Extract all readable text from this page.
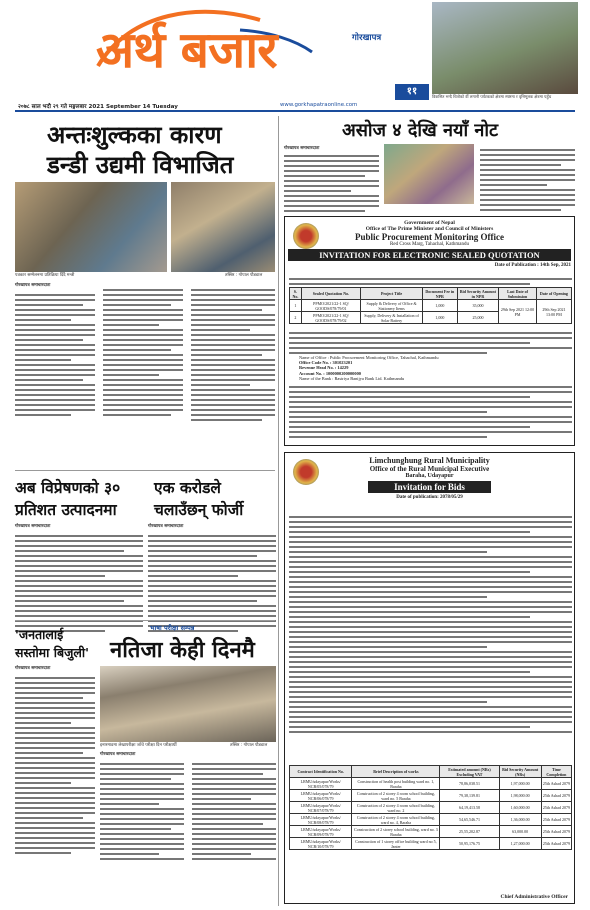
अर्थ बजार	गोरखापत्र
११
२०७८ साल भदौ २९ गते मङ्गलबार 2021 September 14 Tuesday	www.gorkhapatraonline.com
विकसित भन्दै धितोको र्वी लगानी पर्यटकको क्षेत्रमा स्पष्टमा र वृत्तिमूलक क्षेत्रमा पहुँच
अन्तःशुल्कका कारण
डन्डी उद्यमी विभाजित
पत्रकार सम्मेलनमा प्रतिक्रिया दिँदै मन्त्री	तस्बिर : गोपाल पौड्याल
गोरखापत्र समाचारदाता
अब विप्रेषणको ३०
प्रतिशत उत्पादनमा
गोरखापत्र समाचारदाता
एक करोडले
चलाउँछन् फोर्जी
गोरखापत्र समाचारदाता
'जनतालाई
सस्तोमा बिजुली'
गोरखापत्र समाचारदाता
भाषा परीक्षा सम्पन्न
नतिजा केही दिनमै
इनारमाडमा लेखापरीक्षा जाँचे परीक्षा दिन परीक्षार्थी	तस्बिर : गोपाल पौड्याल
गोरखापत्र समाचारदाता
असोज ४ देखि नयाँ नोट
गोरखापत्र समाचारदाता
Government of Nepal
Office of The Prime Minister and Council of Ministers
Public Procurement Monitoring Office
Red Cross Marg, Tahachal, Kathmandu
INVITATION FOR ELECTRONIC SEALED QUOTATION
Date of Publication : 14th Sep, 2021
S. No.	Sealed Quotation No.	Project Title	Document Fee in NPR	Bid Security Amount in NPR	Last Date of Submission	Date of Opening
1	PPMO/2021/22-1 SQ/ GOODS/078/79/01	Supply & Delivery of Office & Stationery Items	1,000	35,000	29th Sep 2021 12:00 PM	29th Sep 2021 13:00 PM
2	PPMO/2021/22-1 SQ/ GOODS/078/79/02	Supply, Delivery & Installation of Solar Battery	1,000	25,000		
Name of Office : Public Procurement Monitoring Office, Tahachal, Kathmandu
Office Code No. : 301023201
Revenue Head No. : 14229
Account No. : 1000000200000000
Name of the Bank : Rastriya Banijya Bank Ltd. Kathmandu
Limchunghung Rural Municipality
Office of the Rural Municipal Executive
Baraha, Udayapur
Invitation for Bids
Date of publication: 2078/05/29
Contract Identification No.	Brief Description of works	Estimated amount (NRs) Excluding VAT	Bid Security Amount (NRs)	Time Completion
LRMU/udayapur/Works/ NCB/05/078/79	Construction of health post building ward no. 1, Baraha	78,86,038.51	1,97,000.00	25th Ashad 2079
LRMU/udayapur/Works/ NCB/06/078/79	Construction of 2 storey 4 room school building, ward no. 5 Baraha	79,38,139.81	1,98,000.00	25th Ashad 2079
LRMU/udayapur/Works/ NCB/07/078/79	Construction of 2 storey 4 room school building, ward no. 2	64,19,413.58	1,60,000.00	25th Ashad 2079
LRMU/udayapur/Works/ NCB/08/078/79	Construction of 2 storey 4 room school building, ward no. 4, Baraha	54,65,546.71	1,36,000.00	25th Ashad 2079
LRMU/udayapur/Works/ NCB/09/078/79	Construction of 2 storey school building, ward no. 3 Baraha	25,55,202.87	63,000.00	25th Ashad 2079
LRMU/udayapur/Works/ NCB/10/078/79	Construction of 1 storey office building ward no 5, Janter	50,95,176.75	1,27,000.00	25th Ashad 2079
Chief Administrative Officer
